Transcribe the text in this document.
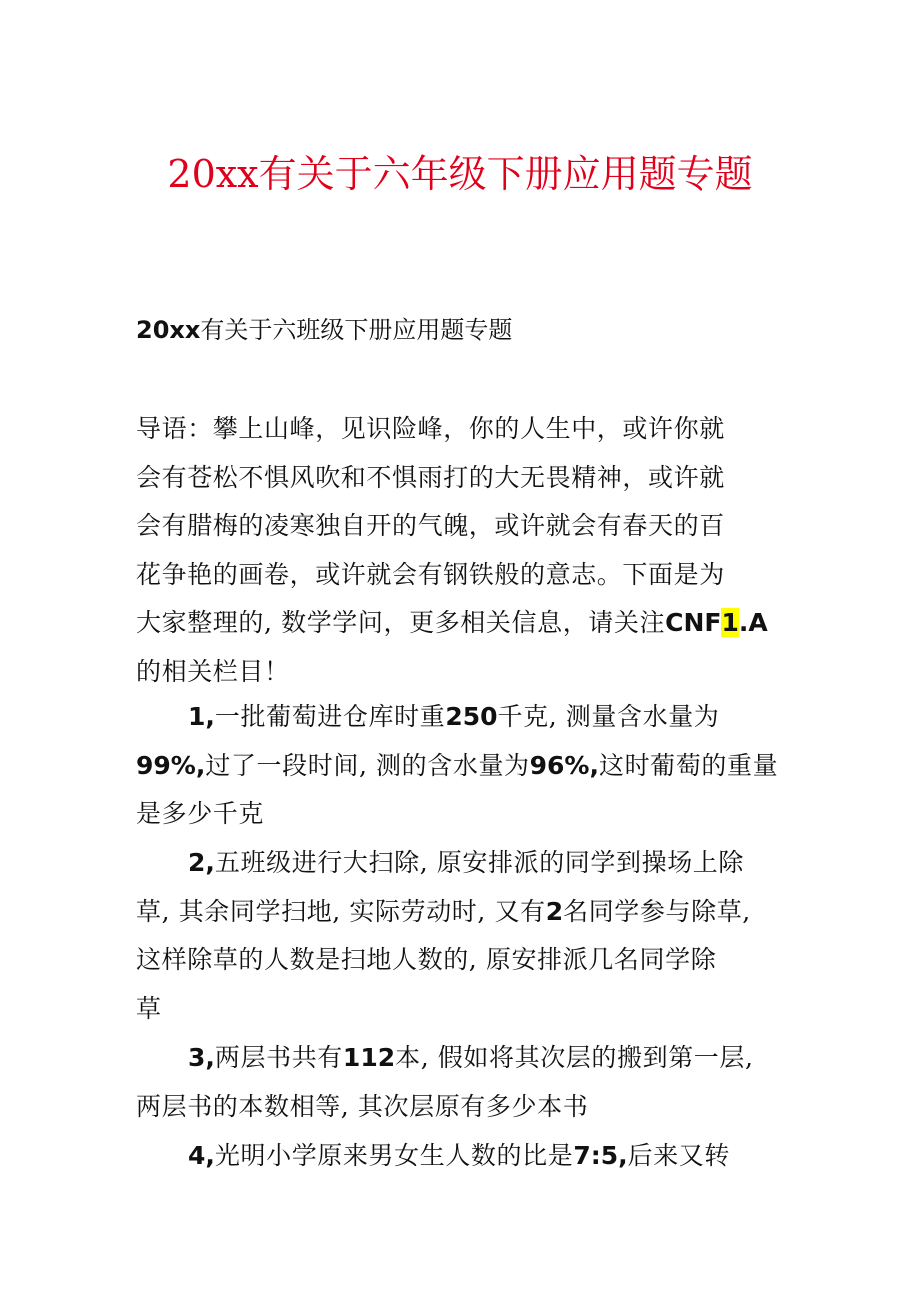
20xx有关于六年级下册应用题专题
20xx有关于六班级下册应用题专题
导语：攀上山峰，见识险峰，你的人生中，或许你就
会有苍松不惧风吹和不惧雨打的大无畏精神，或许就
会有腊梅的凌寒独自开的气魄，或许就会有春天的百
花争艳的画卷，或许就会有钢铁般的意志。下面是为
大家整理的, 数学学问，更多相关信息，请关注CNF1.A
的相关栏目！
1,一批葡萄进仓库时重250千克, 测量含水量为
99%,过了一段时间, 测的含水量为96%,这时葡萄的重量
是多少千克
2,五班级进行大扫除, 原安排派的同学到操场上除
草, 其余同学扫地, 实际劳动时, 又有2名同学参与除草,
这样除草的人数是扫地人数的, 原安排派几名同学除
草
3,两层书共有112本, 假如将其次层的搬到第一层,
两层书的本数相等, 其次层原有多少本书
4,光明小学原来男女生人数的比是7:5,后来又转
